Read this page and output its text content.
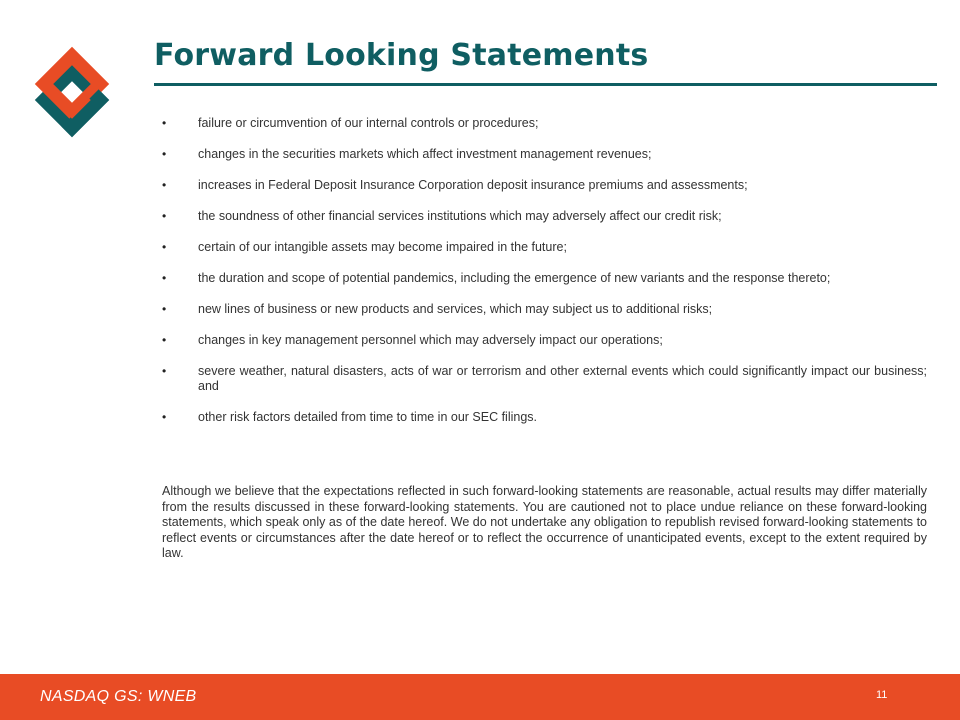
Forward Looking Statements
•	failure or circumvention of our internal controls or procedures;
•	changes in the securities markets which affect investment management revenues;
•	increases in Federal Deposit Insurance Corporation deposit insurance premiums and assessments;
•	the soundness of other financial services institutions which may adversely affect our credit risk;
•	certain of our intangible assets may become impaired in the future;
•	the duration and scope of potential pandemics, including the emergence of new variants and the response thereto;
•	new lines of business or new products and services, which may subject us to additional risks;
•	changes in key management personnel which may adversely impact our operations;
•	severe weather, natural disasters, acts of war or terrorism and other external events which could significantly impact our business; and
•	other risk factors detailed from time to time in our SEC filings.

Although we believe that the expectations reflected in such forward-looking statements are reasonable, actual results may differ materially from the results discussed in these forward-looking statements. You are cautioned not to place undue reliance on these forward-looking statements, which speak only as of the date hereof. We do not undertake any obligation to republish revised forward-looking statements to reflect events or circumstances after the date hereof or to reflect the occurrence of unanticipated events, except to the extent required by law.

NASDAQ GS: WNEB	11
